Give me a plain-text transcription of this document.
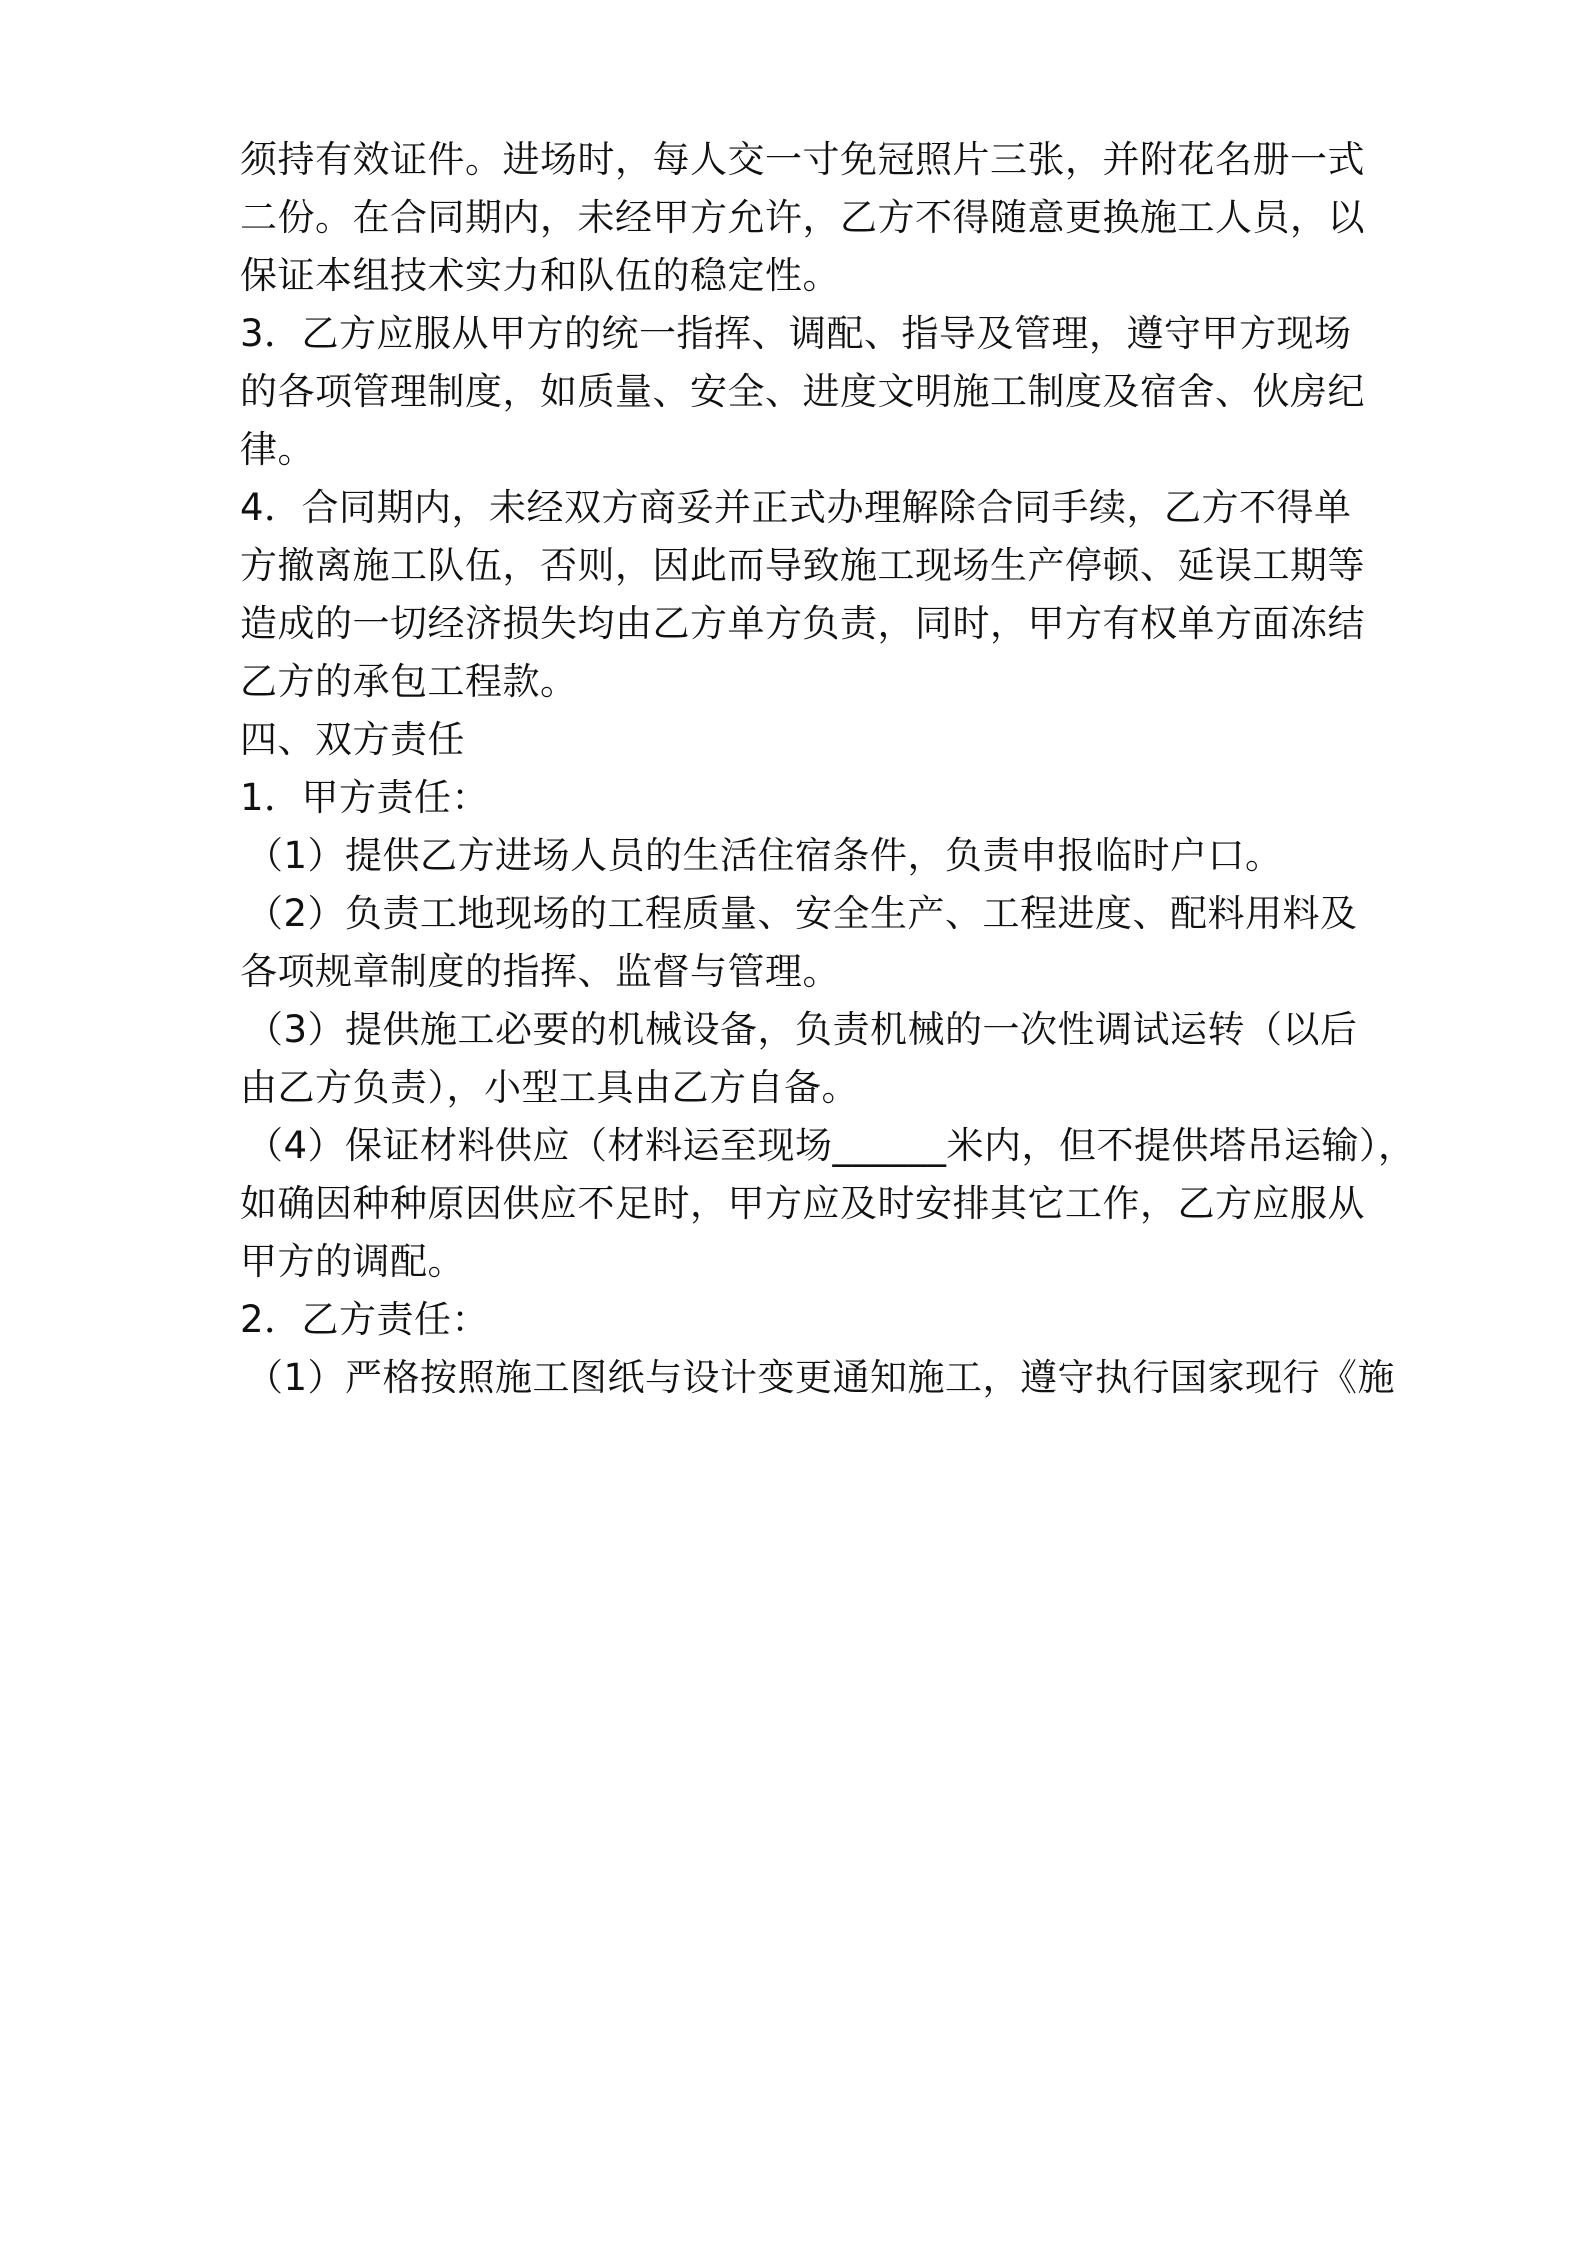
须持有效证件。进场时，每人交一寸免冠照片三张，并附花名册一式
二份。在合同期内，未经甲方允许，乙方不得随意更换施工人员，以
保证本组技术实力和队伍的稳定性。
3．乙方应服从甲方的统一指挥、调配、指导及管理，遵守甲方现场
的各项管理制度，如质量、安全、进度文明施工制度及宿舍、伙房纪
律。
4．合同期内，未经双方商妥并正式办理解除合同手续，乙方不得单
方撤离施工队伍，否则，因此而导致施工现场生产停顿、延误工期等
造成的一切经济损失均由乙方单方负责，同时，甲方有权单方面冻结
乙方的承包工程款。
四、双方责任
1．甲方责任：
（1）提供乙方进场人员的生活住宿条件，负责申报临时户口。
（2）负责工地现场的工程质量、安全生产、工程进度、配料用料及
各项规章制度的指挥、监督与管理。
（3）提供施工必要的机械设备，负责机械的一次性调试运转（以后
由乙方负责），小型工具由乙方自备。
（4）保证材料供应（材料运至现场______米内，但不提供塔吊运输），
如确因种种原因供应不足时，甲方应及时安排其它工作，乙方应服从
甲方的调配。
2．乙方责任：
（1）严格按照施工图纸与设计变更通知施工，遵守执行国家现行《施
